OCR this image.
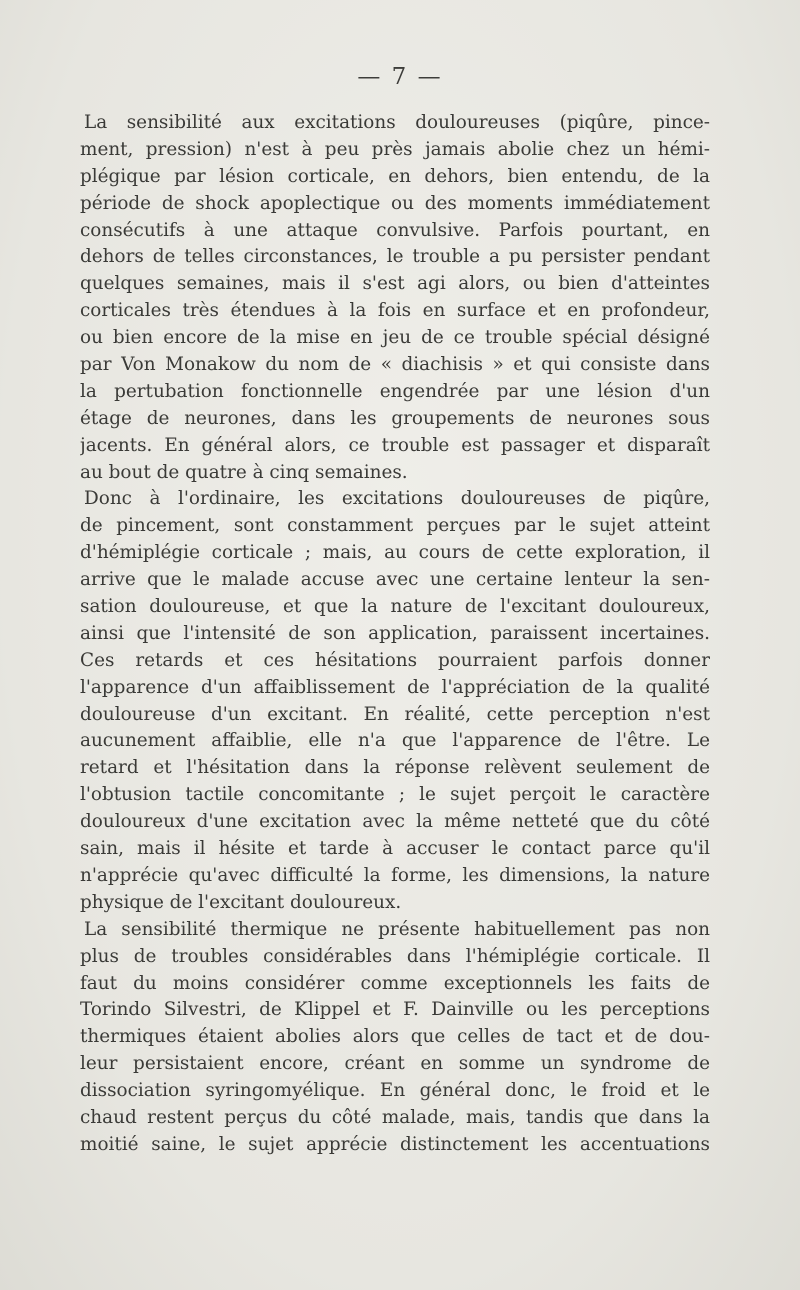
— 7 —
La sensibilité aux excitations douloureuses (piqûre, pince-
ment, pression) n'est à peu près jamais abolie chez un hémi-
plégique par lésion corticale, en dehors, bien entendu, de la
période de shock apoplectique ou des moments immédiatement
consécutifs à une attaque convulsive. Parfois pourtant, en
dehors de telles circonstances, le trouble a pu persister pendant
quelques semaines, mais il s'est agi alors, ou bien d'atteintes
corticales très étendues à la fois en surface et en profondeur,
ou bien encore de la mise en jeu de ce trouble spécial désigné
par Von Monakow du nom de « diachisis » et qui consiste dans
la pertubation fonctionnelle engendrée par une lésion d'un
étage de neurones, dans les groupements de neurones sous
jacents. En général alors, ce trouble est passager et disparaît
au bout de quatre à cinq semaines.
Donc à l'ordinaire, les excitations douloureuses de piqûre,
de pincement, sont constamment perçues par le sujet atteint
d'hémiplégie corticale ; mais, au cours de cette exploration, il
arrive que le malade accuse avec une certaine lenteur la sen-
sation douloureuse, et que la nature de l'excitant douloureux,
ainsi que l'intensité de son application, paraissent incertaines.
Ces retards et ces hésitations pourraient parfois donner
l'apparence d'un affaiblissement de l'appréciation de la qualité
douloureuse d'un excitant. En réalité, cette perception n'est
aucunement affaiblie, elle n'a que l'apparence de l'être. Le
retard et l'hésitation dans la réponse relèvent seulement de
l'obtusion tactile concomitante ; le sujet perçoit le caractère
douloureux d'une excitation avec la même netteté que du côté
sain, mais il hésite et tarde à accuser le contact parce qu'il
n'apprécie qu'avec difficulté la forme, les dimensions, la nature
physique de l'excitant douloureux.
La sensibilité thermique ne présente habituellement pas non
plus de troubles considérables dans l'hémiplégie corticale. Il
faut du moins considérer comme exceptionnels les faits de
Torindo Silvestri, de Klippel et F. Dainville ou les perceptions
thermiques étaient abolies alors que celles de tact et de dou-
leur persistaient encore, créant en somme un syndrome de
dissociation syringomyélique. En général donc, le froid et le
chaud restent perçus du côté malade, mais, tandis que dans la
moitié saine, le sujet apprécie distinctement les accentuations
